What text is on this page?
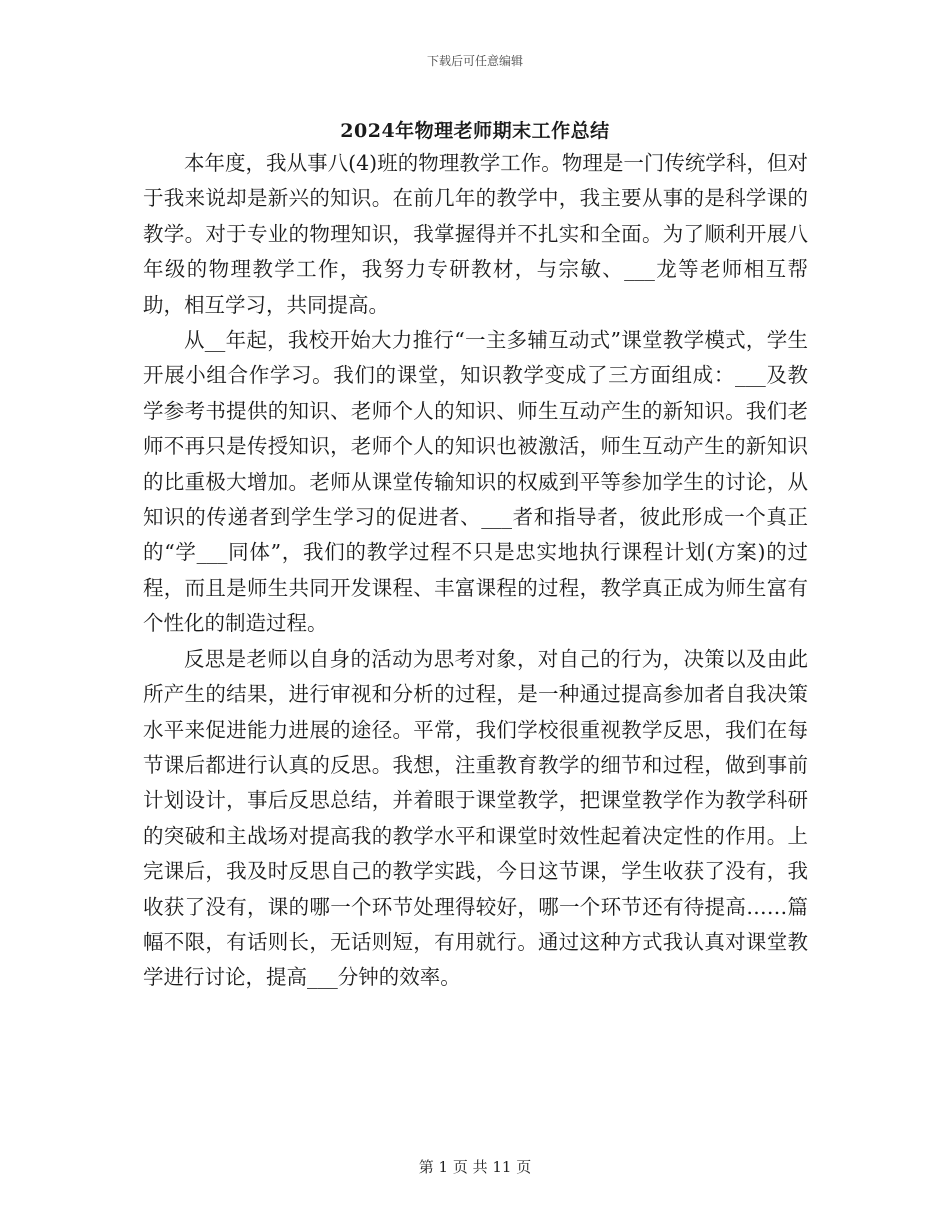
下载后可任意编辑
2024年物理老师期末工作总结

本年度，我从事八(4)班的物理教学工作。物理是一门传统学科，但对于我来说却是新兴的知识。在前几年的教学中，我主要从事的是科学课的教学。对于专业的物理知识，我掌握得并不扎实和全面。为了顺利开展八年级的物理教学工作，我努力专研教材，与宗敏、___龙等老师相互帮助，相互学习，共同提高。

从__年起，我校开始大力推行“一主多辅互动式”课堂教学模式，学生开展小组合作学习。我们的课堂，知识教学变成了三方面组成：___及教学参考书提供的知识、老师个人的知识、师生互动产生的新知识。我们老师不再只是传授知识，老师个人的知识也被激活，师生互动产生的新知识的比重极大增加。老师从课堂传输知识的权威到平等参加学生的讨论，从知识的传递者到学生学习的促进者、___者和指导者，彼此形成一个真正的“学___同体”，我们的教学过程不只是忠实地执行课程计划(方案)的过程，而且是师生共同开发课程、丰富课程的过程，教学真正成为师生富有个性化的制造过程。

反思是老师以自身的活动为思考对象，对自己的行为，决策以及由此所产生的结果，进行审视和分析的过程，是一种通过提高参加者自我决策水平来促进能力进展的途径。平常，我们学校很重视教学反思，我们在每节课后都进行认真的反思。我想，注重教育教学的细节和过程，做到事前计划设计，事后反思总结，并着眼于课堂教学，把课堂教学作为教学科研的突破和主战场对提高我的教学水平和课堂时效性起着决定性的作用。上完课后，我及时反思自己的教学实践，今日这节课，学生收获了没有，我收获了没有，课的哪一个环节处理得较好，哪一个环节还有待提高……篇幅不限，有话则长，无话则短，有用就行。通过这种方式我认真对课堂教学进行讨论，提高___分钟的效率。

第 1 页 共 11 页
